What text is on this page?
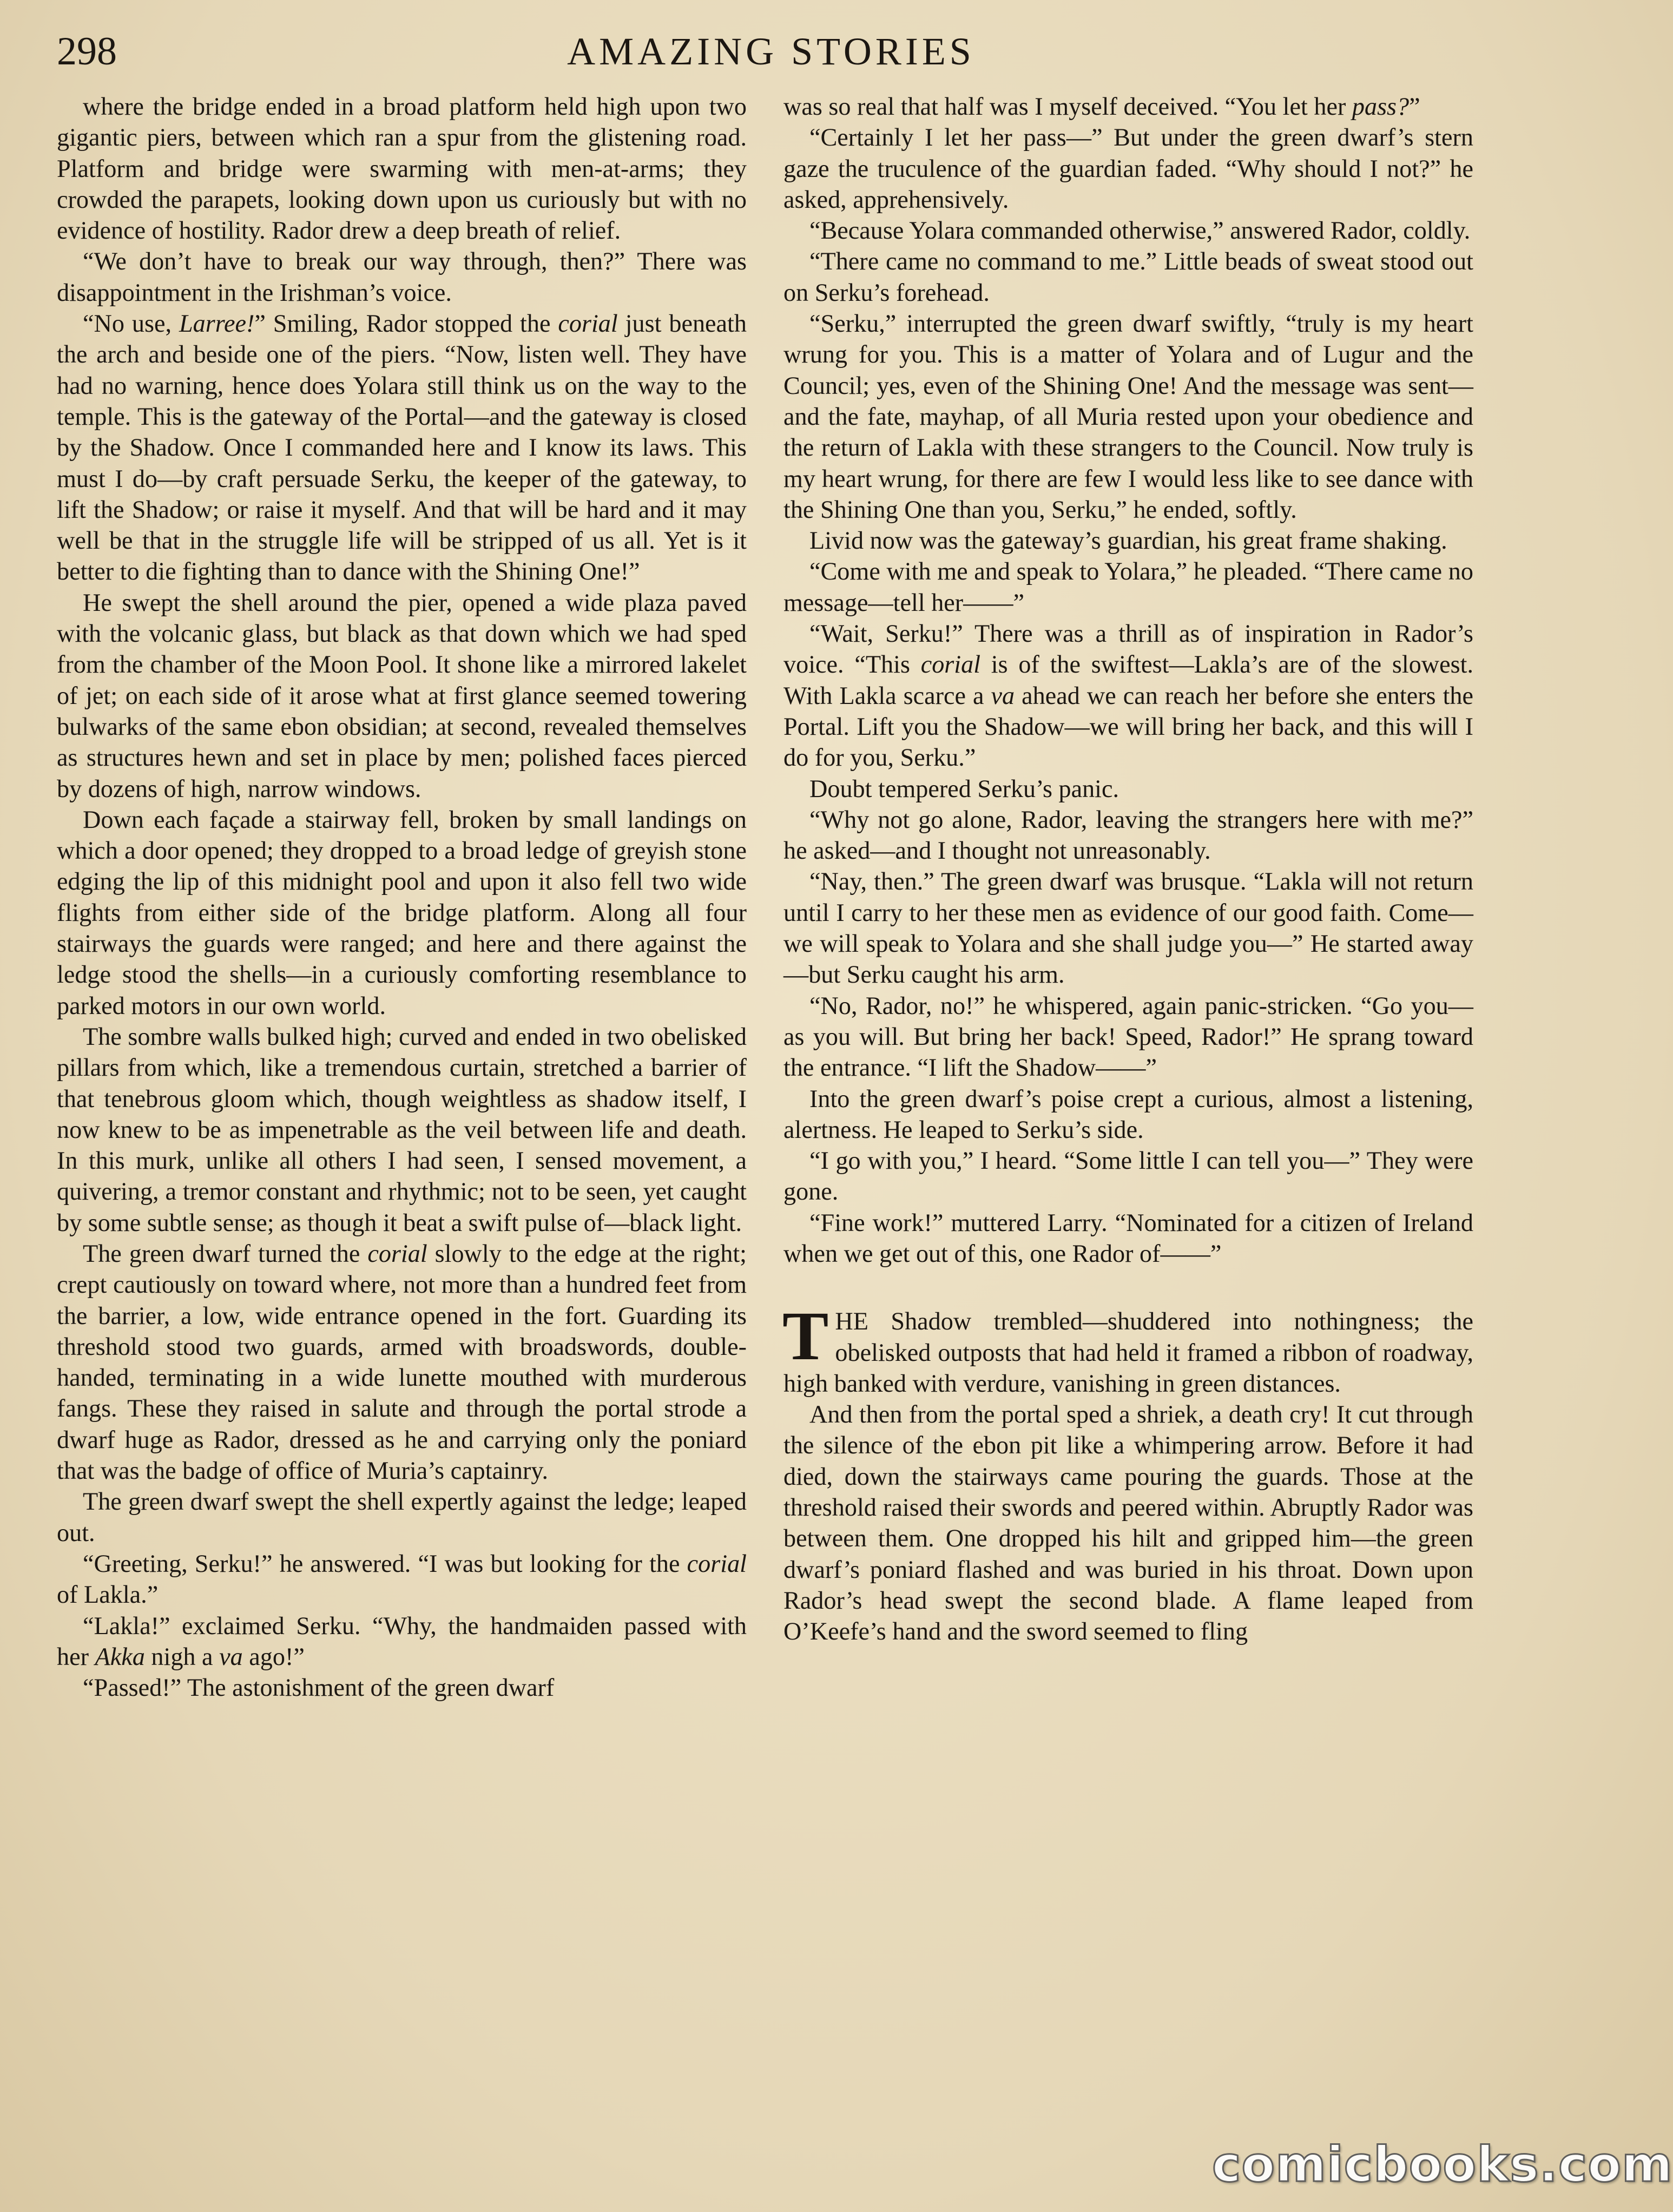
298	AMAZING STORIES

where the bridge ended in a broad platform held high upon two gigantic piers, between which ran a spur from the glistening road. Platform and bridge were swarming with men-at-arms; they crowded the parapets, looking down upon us curiously but with no evidence of hostility. Rador drew a deep breath of relief.

“We don’t have to break our way through, then?” There was disappointment in the Irishman’s voice.

“No use, Larree!” Smiling, Rador stopped the corial just beneath the arch and beside one of the piers. “Now, listen well. They have had no warning, hence does Yolara still think us on the way to the temple. This is the gateway of the Portal—and the gateway is closed by the Shadow. Once I commanded here and I know its laws. This must I do—by craft persuade Serku, the keeper of the gateway, to lift the Shadow; or raise it myself. And that will be hard and it may well be that in the struggle life will be stripped of us all. Yet is it better to die fighting than to dance with the Shining One!”

He swept the shell around the pier, opened a wide plaza paved with the volcanic glass, but black as that down which we had sped from the chamber of the Moon Pool. It shone like a mirrored lakelet of jet; on each side of it arose what at first glance seemed towering bulwarks of the same ebon obsidian; at second, revealed themselves as structures hewn and set in place by men; polished faces pierced by dozens of high, narrow windows.

Down each façade a stairway fell, broken by small landings on which a door opened; they dropped to a broad ledge of greyish stone edging the lip of this midnight pool and upon it also fell two wide flights from either side of the bridge platform. Along all four stairways the guards were ranged; and here and there against the ledge stood the shells—in a curiously comforting resemblance to parked motors in our own world.

The sombre walls bulked high; curved and ended in two obelisked pillars from which, like a tremendous curtain, stretched a barrier of that tenebrous gloom which, though weightless as shadow itself, I now knew to be as impenetrable as the veil between life and death. In this murk, unlike all others I had seen, I sensed movement, a quivering, a tremor constant and rhythmic; not to be seen, yet caught by some subtle sense; as though it beat a swift pulse of—black light.

The green dwarf turned the corial slowly to the edge at the right; crept cautiously on toward where, not more than a hundred feet from the barrier, a low, wide entrance opened in the fort. Guarding its threshold stood two guards, armed with broadswords, double-handed, terminating in a wide lunette mouthed with murderous fangs. These they raised in salute and through the portal strode a dwarf huge as Rador, dressed as he and carrying only the poniard that was the badge of office of Muria’s captainry.

The green dwarf swept the shell expertly against the ledge; leaped out.

“Greeting, Serku!” he answered. “I was but looking for the corial of Lakla.”

“Lakla!” exclaimed Serku. “Why, the handmaiden passed with her Akka nigh a va ago!”

“Passed!” The astonishment of the green dwarf

was so real that half was I myself deceived. “You let her pass?”

“Certainly I let her pass—” But under the green dwarf’s stern gaze the truculence of the guardian faded. “Why should I not?” he asked, apprehensively.

“Because Yolara commanded otherwise,” answered Rador, coldly.

“There came no command to me.” Little beads of sweat stood out on Serku’s forehead.

“Serku,” interrupted the green dwarf swiftly, “truly is my heart wrung for you. This is a matter of Yolara and of Lugur and the Council; yes, even of the Shining One! And the message was sent—and the fate, mayhap, of all Muria rested upon your obedience and the return of Lakla with these strangers to the Council. Now truly is my heart wrung, for there are few I would less like to see dance with the Shining One than you, Serku,” he ended, softly.

Livid now was the gateway’s guardian, his great frame shaking.

“Come with me and speak to Yolara,” he pleaded. “There came no message—tell her——”

“Wait, Serku!” There was a thrill as of inspiration in Rador’s voice. “This corial is of the swiftest—Lakla’s are of the slowest. With Lakla scarce a va ahead we can reach her before she enters the Portal. Lift you the Shadow—we will bring her back, and this will I do for you, Serku.”

Doubt tempered Serku’s panic.

“Why not go alone, Rador, leaving the strangers here with me?” he asked—and I thought not unreasonably.

“Nay, then.” The green dwarf was brusque. “Lakla will not return until I carry to her these men as evidence of our good faith. Come—we will speak to Yolara and she shall judge you—” He started away—but Serku caught his arm.

“No, Rador, no!” he whispered, again panic-stricken. “Go you—as you will. But bring her back! Speed, Rador!” He sprang toward the entrance. “I lift the Shadow——”

Into the green dwarf’s poise crept a curious, almost a listening, alertness. He leaped to Serku’s side.

“I go with you,” I heard. “Some little I can tell you—” They were gone.

“Fine work!” muttered Larry. “Nominated for a citizen of Ireland when we get out of this, one Rador of——”

THE Shadow trembled—shuddered into nothingness; the obelisked outposts that had held it framed a ribbon of roadway, high banked with verdure, vanishing in green distances.

And then from the portal sped a shriek, a death cry! It cut through the silence of the ebon pit like a whimpering arrow. Before it had died, down the stairways came pouring the guards. Those at the threshold raised their swords and peered within. Abruptly Rador was between them. One dropped his hilt and gripped him—the green dwarf’s poniard flashed and was buried in his throat. Down upon Rador’s head swept the second blade. A flame leaped from O’Keefe’s hand and the sword seemed to fling

comicbooks.com
